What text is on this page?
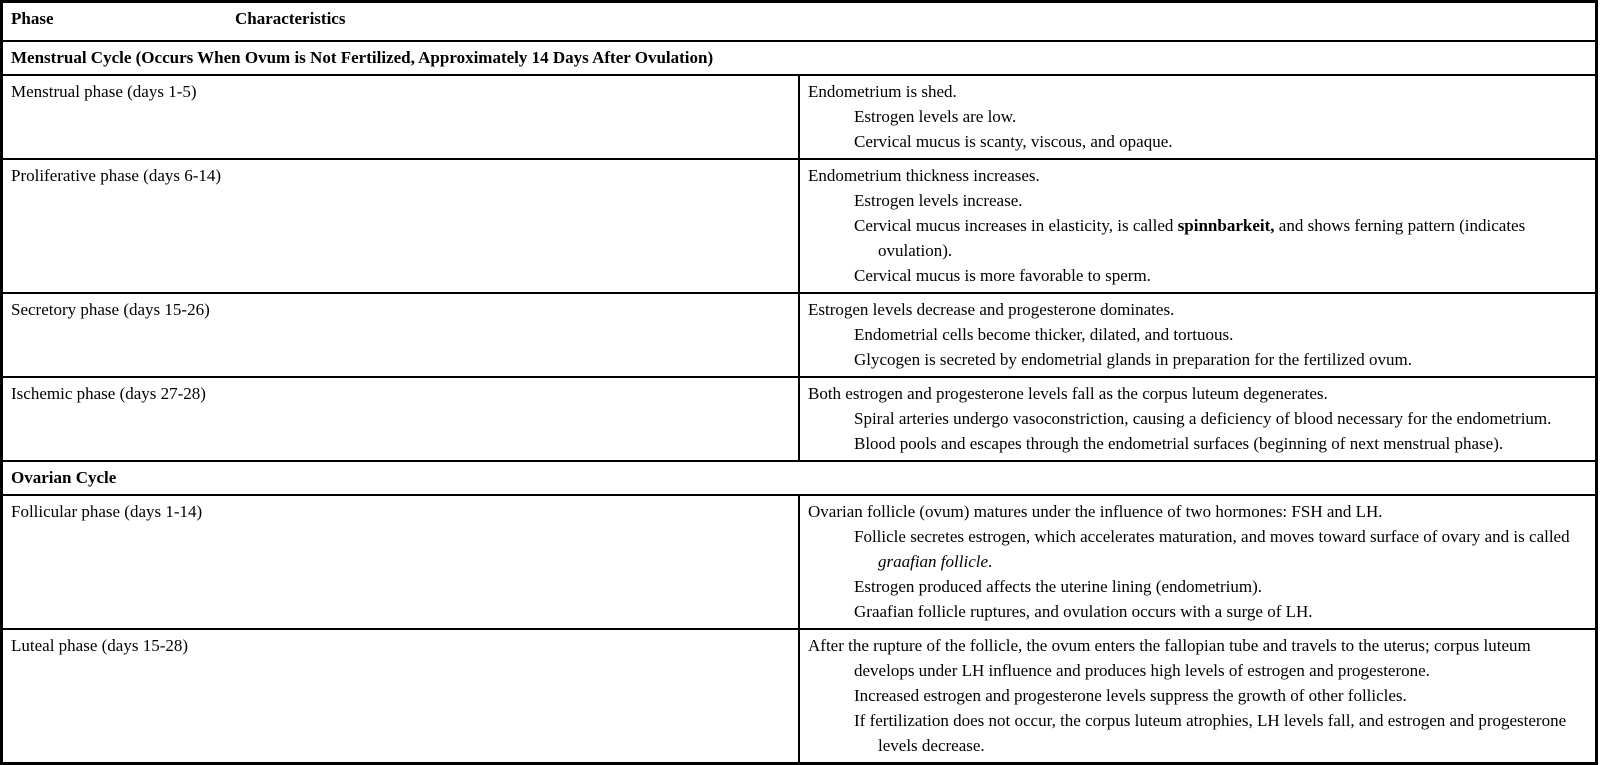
Phase Characteristics	
Menstrual Cycle (Occurs When Ovum is Not Fertilized, Approximately 14 Days After Ovulation)	

Menstrual phase (days 1-5)	Endometrium is shed.
Estrogen levels are low.
Cervical mucus is scanty, viscous, and opaque.

Proliferative phase (days 6-14)	Endometrium thickness increases.
Estrogen levels increase.
Cervical mucus increases in elasticity, is called spinnbarkeit, and shows ferning pattern (indicates ovulation).
Cervical mucus is more favorable to sperm.

Secretory phase (days 15-26)	Estrogen levels decrease and progesterone dominates.
Endometrial cells become thicker, dilated, and tortuous.
Glycogen is secreted by endometrial glands in preparation for the fertilized ovum.

Ischemic phase (days 27-28)	Both estrogen and progesterone levels fall as the corpus luteum degenerates.
Spiral arteries undergo vasoconstriction, causing a deficiency of blood necessary for the endometrium.
Blood pools and escapes through the endometrial surfaces (beginning of next menstrual phase).

Ovarian Cycle	

Follicular phase (days 1-14)	Ovarian follicle (ovum) matures under the influence of two hormones: FSH and LH.
Follicle secretes estrogen, which accelerates maturation, and moves toward surface of ovary and is called graafian follicle.
Estrogen produced affects the uterine lining (endometrium).
Graafian follicle ruptures, and ovulation occurs with a surge of LH.

Luteal phase (days 15-28)	After the rupture of the follicle, the ovum enters the fallopian tube and travels to the uterus; corpus luteum develops under LH influence and produces high levels of estrogen and progesterone.
Increased estrogen and progesterone levels suppress the growth of other follicles.
If fertilization does not occur, the corpus luteum atrophies, LH levels fall, and estrogen and progesterone levels decrease.
